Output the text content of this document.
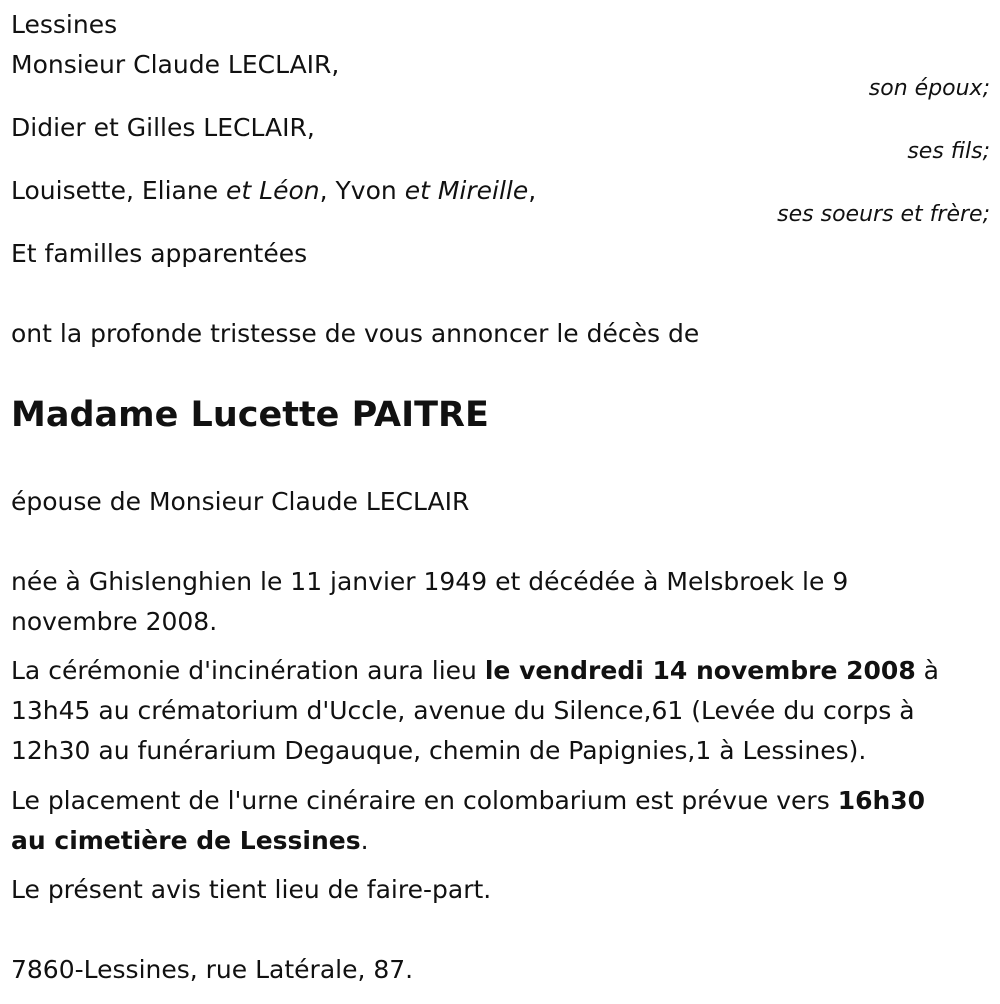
Lessines
Monsieur Claude LECLAIR,
son époux;
Didier et Gilles LECLAIR,
ses fils;
Louisette, Eliane et Léon, Yvon et Mireille,
ses soeurs et frère;
Et familles apparentées
ont la profonde tristesse de vous annoncer le décès de
Madame Lucette PAITRE
épouse de Monsieur Claude LECLAIR
née à Ghislenghien le 11 janvier 1949 et décédée à Melsbroek le 9
novembre 2008.
La cérémonie d'incinération aura lieu le vendredi 14 novembre 2008 à
13h45 au crématorium d'Uccle, avenue du Silence,61 (Levée du corps à
12h30 au funérarium Degauque, chemin de Papignies,1 à Lessines).
Le placement de l'urne cinéraire en colombarium est prévue vers 16h30
au cimetière de Lessines.
Le présent avis tient lieu de faire-part.
7860-Lessines, rue Latérale, 87.
